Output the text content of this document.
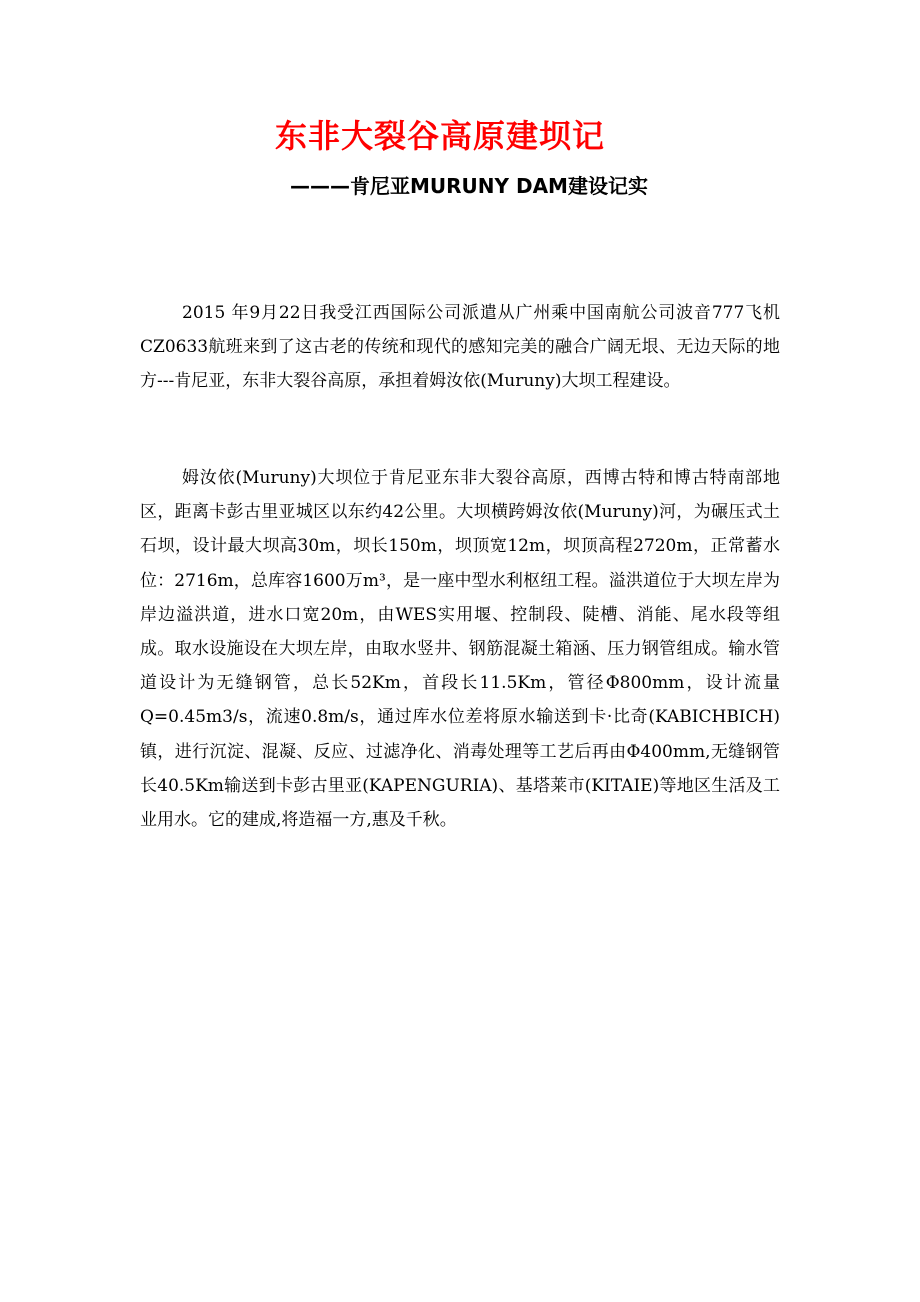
东非大裂谷高原建坝记
———肯尼亚MURUNY DAM建设记实

2015 年9月22日我受江西国际公司派遣从广州乘中国南航公司波音777飞机CZ0633航班来到了这古老的传统和现代的感知完美的融合广阔无垠、无边天际的地方---肯尼亚，东非大裂谷高原，承担着姆汝依(Muruny)大坝工程建设。

姆汝依(Muruny)大坝位于肯尼亚东非大裂谷高原，西博古特和博古特南部地区，距离卡彭古里亚城区以东约42公里。大坝横跨姆汝依(Muruny)河，为碾压式土石坝，设计最大坝高30m，坝长150m，坝顶宽12m，坝顶高程2720m，正常蓄水位：2716m，总库容1600万m³，是一座中型水利枢纽工程。溢洪道位于大坝左岸为岸边溢洪道，进水口宽20m，由WES实用堰、控制段、陡槽、消能、尾水段等组成。取水设施设在大坝左岸，由取水竖井、钢筋混凝土箱涵、压力钢管组成。输水管道设计为无缝钢管，总长52Km，首段长11.5Km，管径Φ800mm，设计流量Q=0.45m3/s，流速0.8m/s，通过库水位差将原水输送到卡·比奇(KABICHBICH)镇，进行沉淀、混凝、反应、过滤净化、消毒处理等工艺后再由Φ400mm,无缝钢管长40.5Km输送到卡彭古里亚(KAPENGURIA)、基塔莱市(KITAIE)等地区生活及工业用水。它的建成,将造福一方,惠及千秋。
